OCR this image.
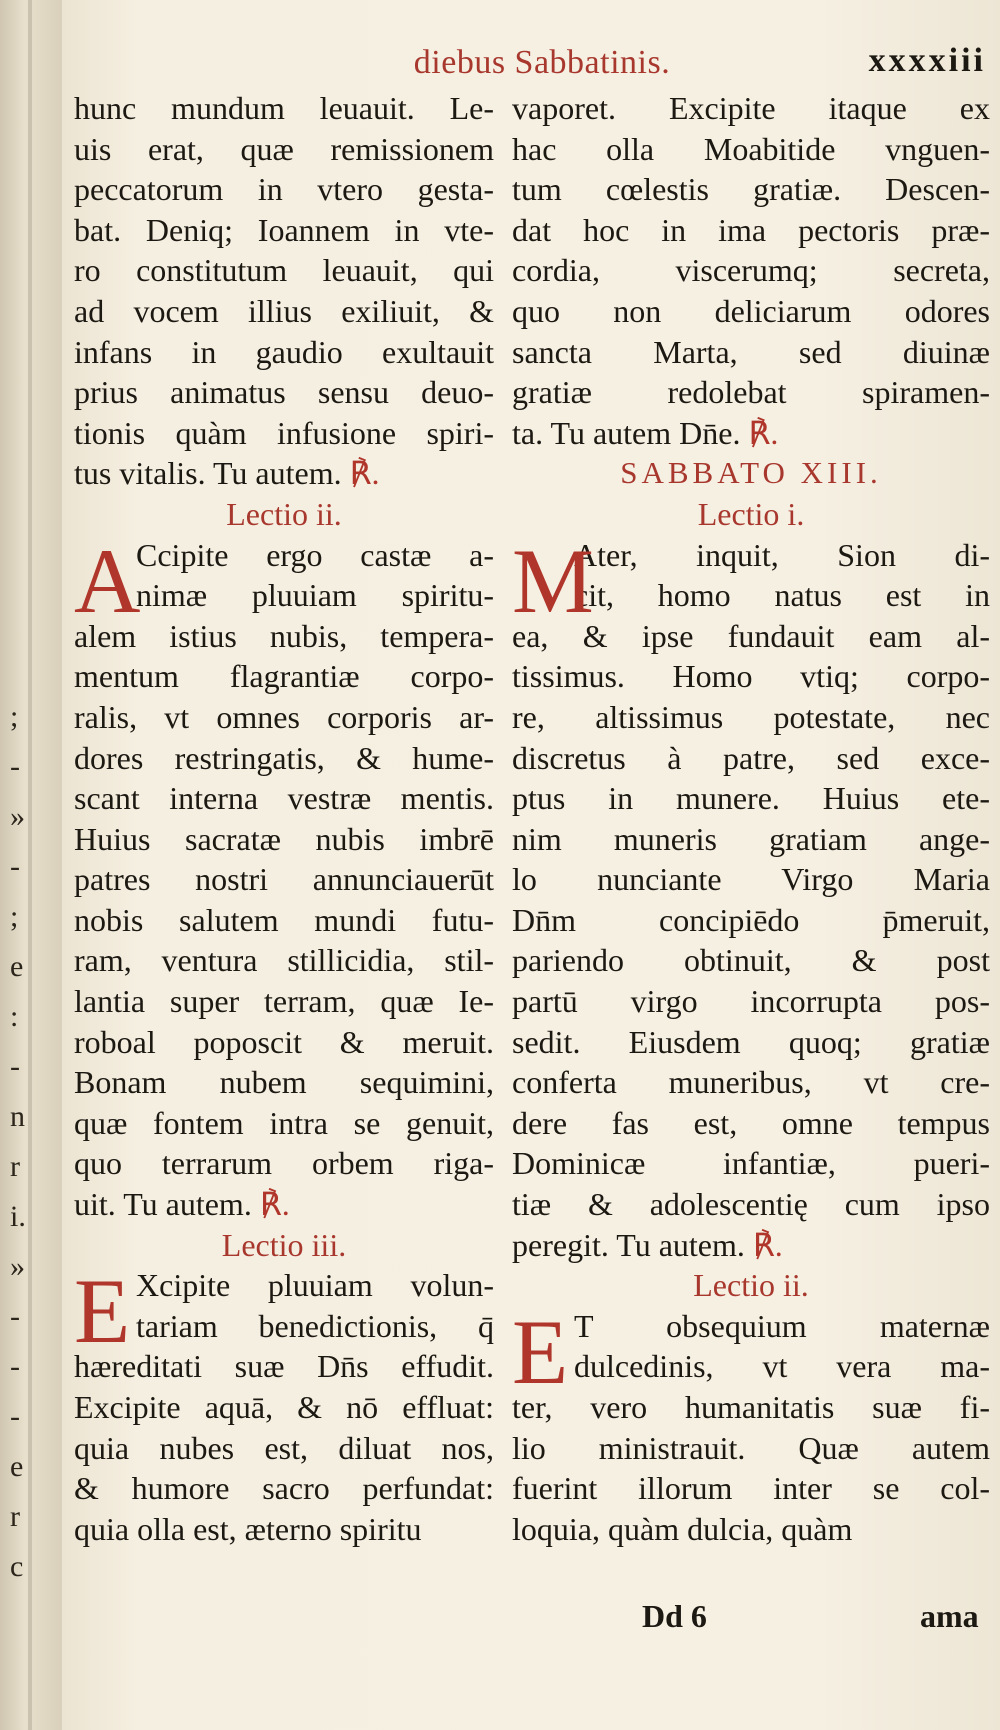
;
-
»
-
;
e
:
-
n
r
i.
»
-
-
-
e
r
c
diebus Sabbatinis.	xxxxiii
hunc mundum leuauit. Le-
uis erat, quæ remissionem
peccatorum in vtero gesta-
bat. Deniq; Ioannem in vte-
ro constitutum leuauit, qui
ad vocem illius exiliuit, &
infans in gaudio exultauit
prius animatus sensu deuo-
tionis quàm infusione spiri-
tus vitalis. Tu autem. ℟.
Lectio ii.
A
Ccipite ergo castæ a-
nimæ pluuiam spiritu-
alem istius nubis, tempera-
mentum flagrantiæ corpo-
ralis, vt omnes corporis ar-
dores restringatis, & hume-
scant interna vestræ mentis.
Huius sacratæ nubis imbrē
patres nostri annunciauerūt
nobis salutem mundi futu-
ram, ventura stillicidia, stil-
lantia super terram, quæ Ie-
roboal poposcit & meruit.
Bonam nubem sequimini,
quæ fontem intra se genuit,
quo terrarum orbem riga-
uit. Tu autem. ℟.
Lectio iii.
E Xcipite pluuiam volun-
tariam benedictionis, q̄
hæreditati suæ Dn̄s effudit.
Excipite aquā, & nō effluat:
quia nubes est, diluat nos,
& humore sacro perfundat:
quia olla est, æterno spiritu
vaporet. Excipite itaque ex
hac olla Moabitide vnguen-
tum cœlestis gratiæ. Descen-
dat hoc in ima pectoris præ-
cordia, viscerumq; secreta,
quo non deliciarum odores
sancta Marta, sed diuinæ
gratiæ redolebat spiramen-
ta. Tu autem Dn̄e. ℟.
SABBATO XIII.
Lectio i.
M
Ater, inquit, Sion di-
cit, homo natus est in
ea, & ipse fundauit eam al-
tissimus. Homo vtiq; corpo-
re, altissimus potestate, nec
discretus à patre, sed exce-
ptus in munere. Huius ete-
nim muneris gratiam ange-
lo nunciante Virgo Maria
Dn̄m concipiēdo p̄meruit,
pariendo obtinuit, & post
partū virgo incorrupta pos-
sedit. Eiusdem quoq; gratiæ
conferta muneribus, vt cre-
dere fas est, omne tempus
Dominicæ infantiæ, pueri-
tiæ & adolescentię cum ipso
peregit. Tu autem. ℟.
Lectio ii.
E T obsequium maternæ
dulcedinis, vt vera ma-
ter, vero humanitatis suæ fi-
lio ministrauit. Quæ autem
fuerint illorum inter se col-
loquia, quàm dulcia, quàm
Dd 6	ama
